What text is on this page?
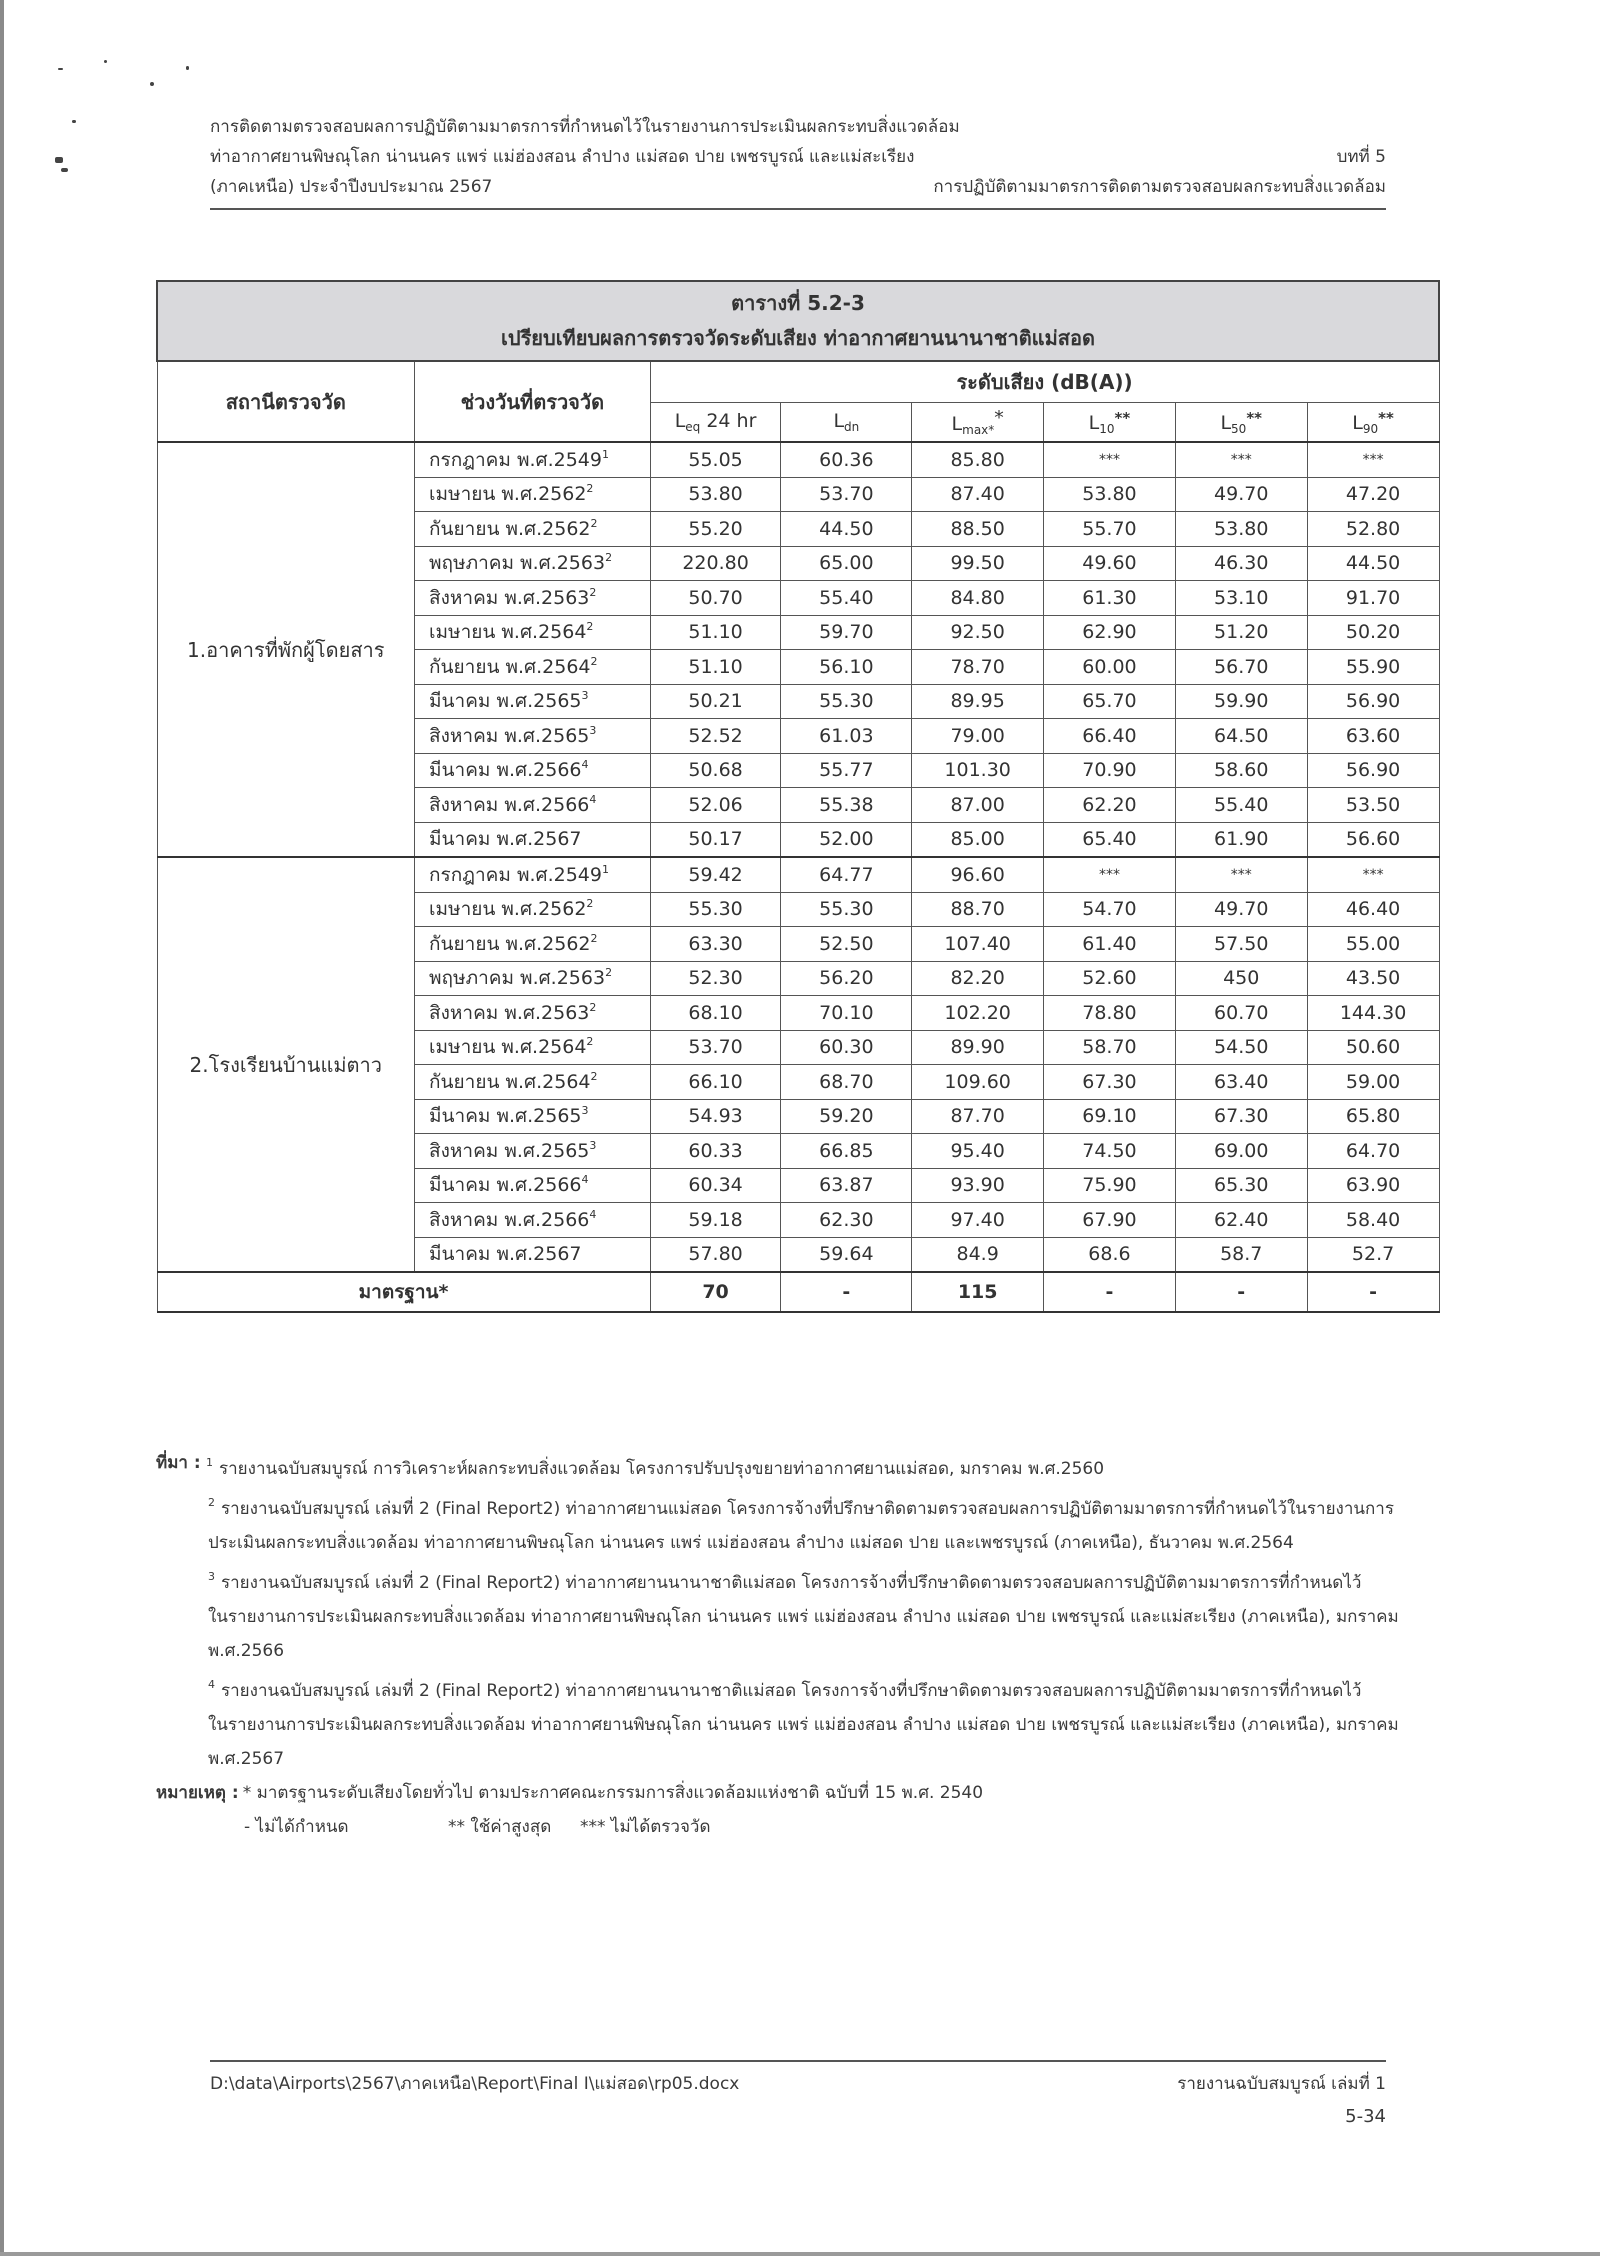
การติดตามตรวจสอบผลการปฏิบัติตามมาตรการที่กำหนดไว้ในรายงานการประเมินผลกระทบสิ่งแวดล้อม
ท่าอากาศยานพิษณุโลก น่านนคร แพร่ แม่ฮ่องสอน ลำปาง แม่สอด ปาย เพชรบูรณ์ และแม่สะเรียง	บทที่ 5
(ภาคเหนือ) ประจำปีงบประมาณ 2567	การปฏิบัติตามมาตรการติดตามตรวจสอบผลกระทบสิ่งแวดล้อม
ตารางที่ 5.2-3
เปรียบเทียบผลการตรวจวัดระดับเสียง ท่าอากาศยานนานาชาติแม่สอด							

สถานีตรวจวัด	ช่วงวันที่ตรวจวัด	ระดับเสียง (dB(A))					
		$L_{eq}$ 24 hr	$L_{dn}$	$L_{max*}*$	$L_{10}^{**}$	$L_{50}^{**}$	$L_{90}^{**}$
1.อาคารที่พักผู้โดยสาร	กรกฎาคม พ.ศ.2549$^1$	55.05	60.36	85.80	***	***	***
	เมษายน พ.ศ.2562$^2$	53.80	53.70	87.40	53.80	49.70	47.20
	กันยายน พ.ศ.2562$^2$	55.20	44.50	88.50	55.70	53.80	52.80
	พฤษภาคม พ.ศ.2563$^2$	220.80	65.00	99.50	49.60	46.30	44.50
	สิงหาคม พ.ศ.2563$^2$	50.70	55.40	84.80	61.30	53.10	91.70
	เมษายน พ.ศ.2564$^2$	51.10	59.70	92.50	62.90	51.20	50.20
	กันยายน พ.ศ.2564$^2$	51.10	56.10	78.70	60.00	56.70	55.90
	มีนาคม พ.ศ.2565$^3$	50.21	55.30	89.95	65.70	59.90	56.90
	สิงหาคม พ.ศ.2565$^3$	52.52	61.03	79.00	66.40	64.50	63.60
	มีนาคม พ.ศ.2566$^4$	50.68	55.77	101.30	70.90	58.60	56.90
	สิงหาคม พ.ศ.2566$^4$	52.06	55.38	87.00	62.20	55.40	53.50
	มีนาคม พ.ศ.2567	50.17	52.00	85.00	65.40	61.90	56.60
2.โรงเรียนบ้านแม่ตาว	กรกฎาคม พ.ศ.2549$^1$	59.42	64.77	96.60	***	***	***
	เมษายน พ.ศ.2562$^2$	55.30	55.30	88.70	54.70	49.70	46.40
	กันยายน พ.ศ.2562$^2$	63.30	52.50	107.40	61.40	57.50	55.00
	พฤษภาคม พ.ศ.2563$^2$	52.30	56.20	82.20	52.60	450	43.50
	สิงหาคม พ.ศ.2563$^2$	68.10	70.10	102.20	78.80	60.70	144.30
	เมษายน พ.ศ.2564$^2$	53.70	60.30	89.90	58.70	54.50	50.60
	กันยายน พ.ศ.2564$^2$	66.10	68.70	109.60	67.30	63.40	59.00
	มีนาคม พ.ศ.2565$^3$	54.93	59.20	87.70	69.10	67.30	65.80
	สิงหาคม พ.ศ.2565$^3$	60.33	66.85	95.40	74.50	69.00	64.70
	มีนาคม พ.ศ.2566$^4$	60.34	63.87	93.90	75.90	65.30	63.90
	สิงหาคม พ.ศ.2566$^4$	59.18	62.30	97.40	67.90	62.40	58.40
	มีนาคม พ.ศ.2567	57.80	59.64	84.9	68.6	58.7	52.7
มาตรฐาน*		70	-	115	-	-	-
ที่มา : $^1$ รายงานฉบับสมบูรณ์ การวิเคราะห์ผลกระทบสิ่งแวดล้อม โครงการปรับปรุงขยายท่าอากาศยานแม่สอด, มกราคม พ.ศ.2560
$^2$ รายงานฉบับสมบูรณ์ เล่มที่ 2 (Final Report2) ท่าอากาศยานแม่สอด โครงการจ้างที่ปรึกษาติดตามตรวจสอบผลการปฏิบัติตามมาตรการที่กำหนดไว้ในรายงานการ
ประเมินผลกระทบสิ่งแวดล้อม ท่าอากาศยานพิษณุโลก น่านนคร แพร่ แม่ฮ่องสอน ลำปาง แม่สอด ปาย และเพชรบูรณ์ (ภาคเหนือ), ธันวาคม พ.ศ.2564
$^3$ รายงานฉบับสมบูรณ์ เล่มที่ 2 (Final Report2) ท่าอากาศยานนานาชาติแม่สอด โครงการจ้างที่ปรึกษาติดตามตรวจสอบผลการปฏิบัติตามมาตรการที่กำหนดไว้
ในรายงานการประเมินผลกระทบสิ่งแวดล้อม ท่าอากาศยานพิษณุโลก น่านนคร แพร่ แม่ฮ่องสอน ลำปาง แม่สอด ปาย เพชรบูรณ์ และแม่สะเรียง (ภาคเหนือ), มกราคม
พ.ศ.2566
$^4$ รายงานฉบับสมบูรณ์ เล่มที่ 2 (Final Report2) ท่าอากาศยานนานาชาติแม่สอด โครงการจ้างที่ปรึกษาติดตามตรวจสอบผลการปฏิบัติตามมาตรการที่กำหนดไว้
ในรายงานการประเมินผลกระทบสิ่งแวดล้อม ท่าอากาศยานพิษณุโลก น่านนคร แพร่ แม่ฮ่องสอน ลำปาง แม่สอด ปาย เพชรบูรณ์ และแม่สะเรียง (ภาคเหนือ), มกราคม
พ.ศ.2567
หมายเหตุ : * มาตรฐานระดับเสียงโดยทั่วไป ตามประกาศคณะกรรมการสิ่งแวดล้อมแห่งชาติ ฉบับที่ 15 พ.ศ. 2540
- ไม่ได้กำหนด	** ใช้ค่าสูงสุด	*** ไม่ได้ตรวจวัด
D:\data\Airports\2567\ภาคเหนือ\Report\Final I\แม่สอด\rp05.docx	รายงานฉบับสมบูรณ์ เล่มที่ 1
5-34
